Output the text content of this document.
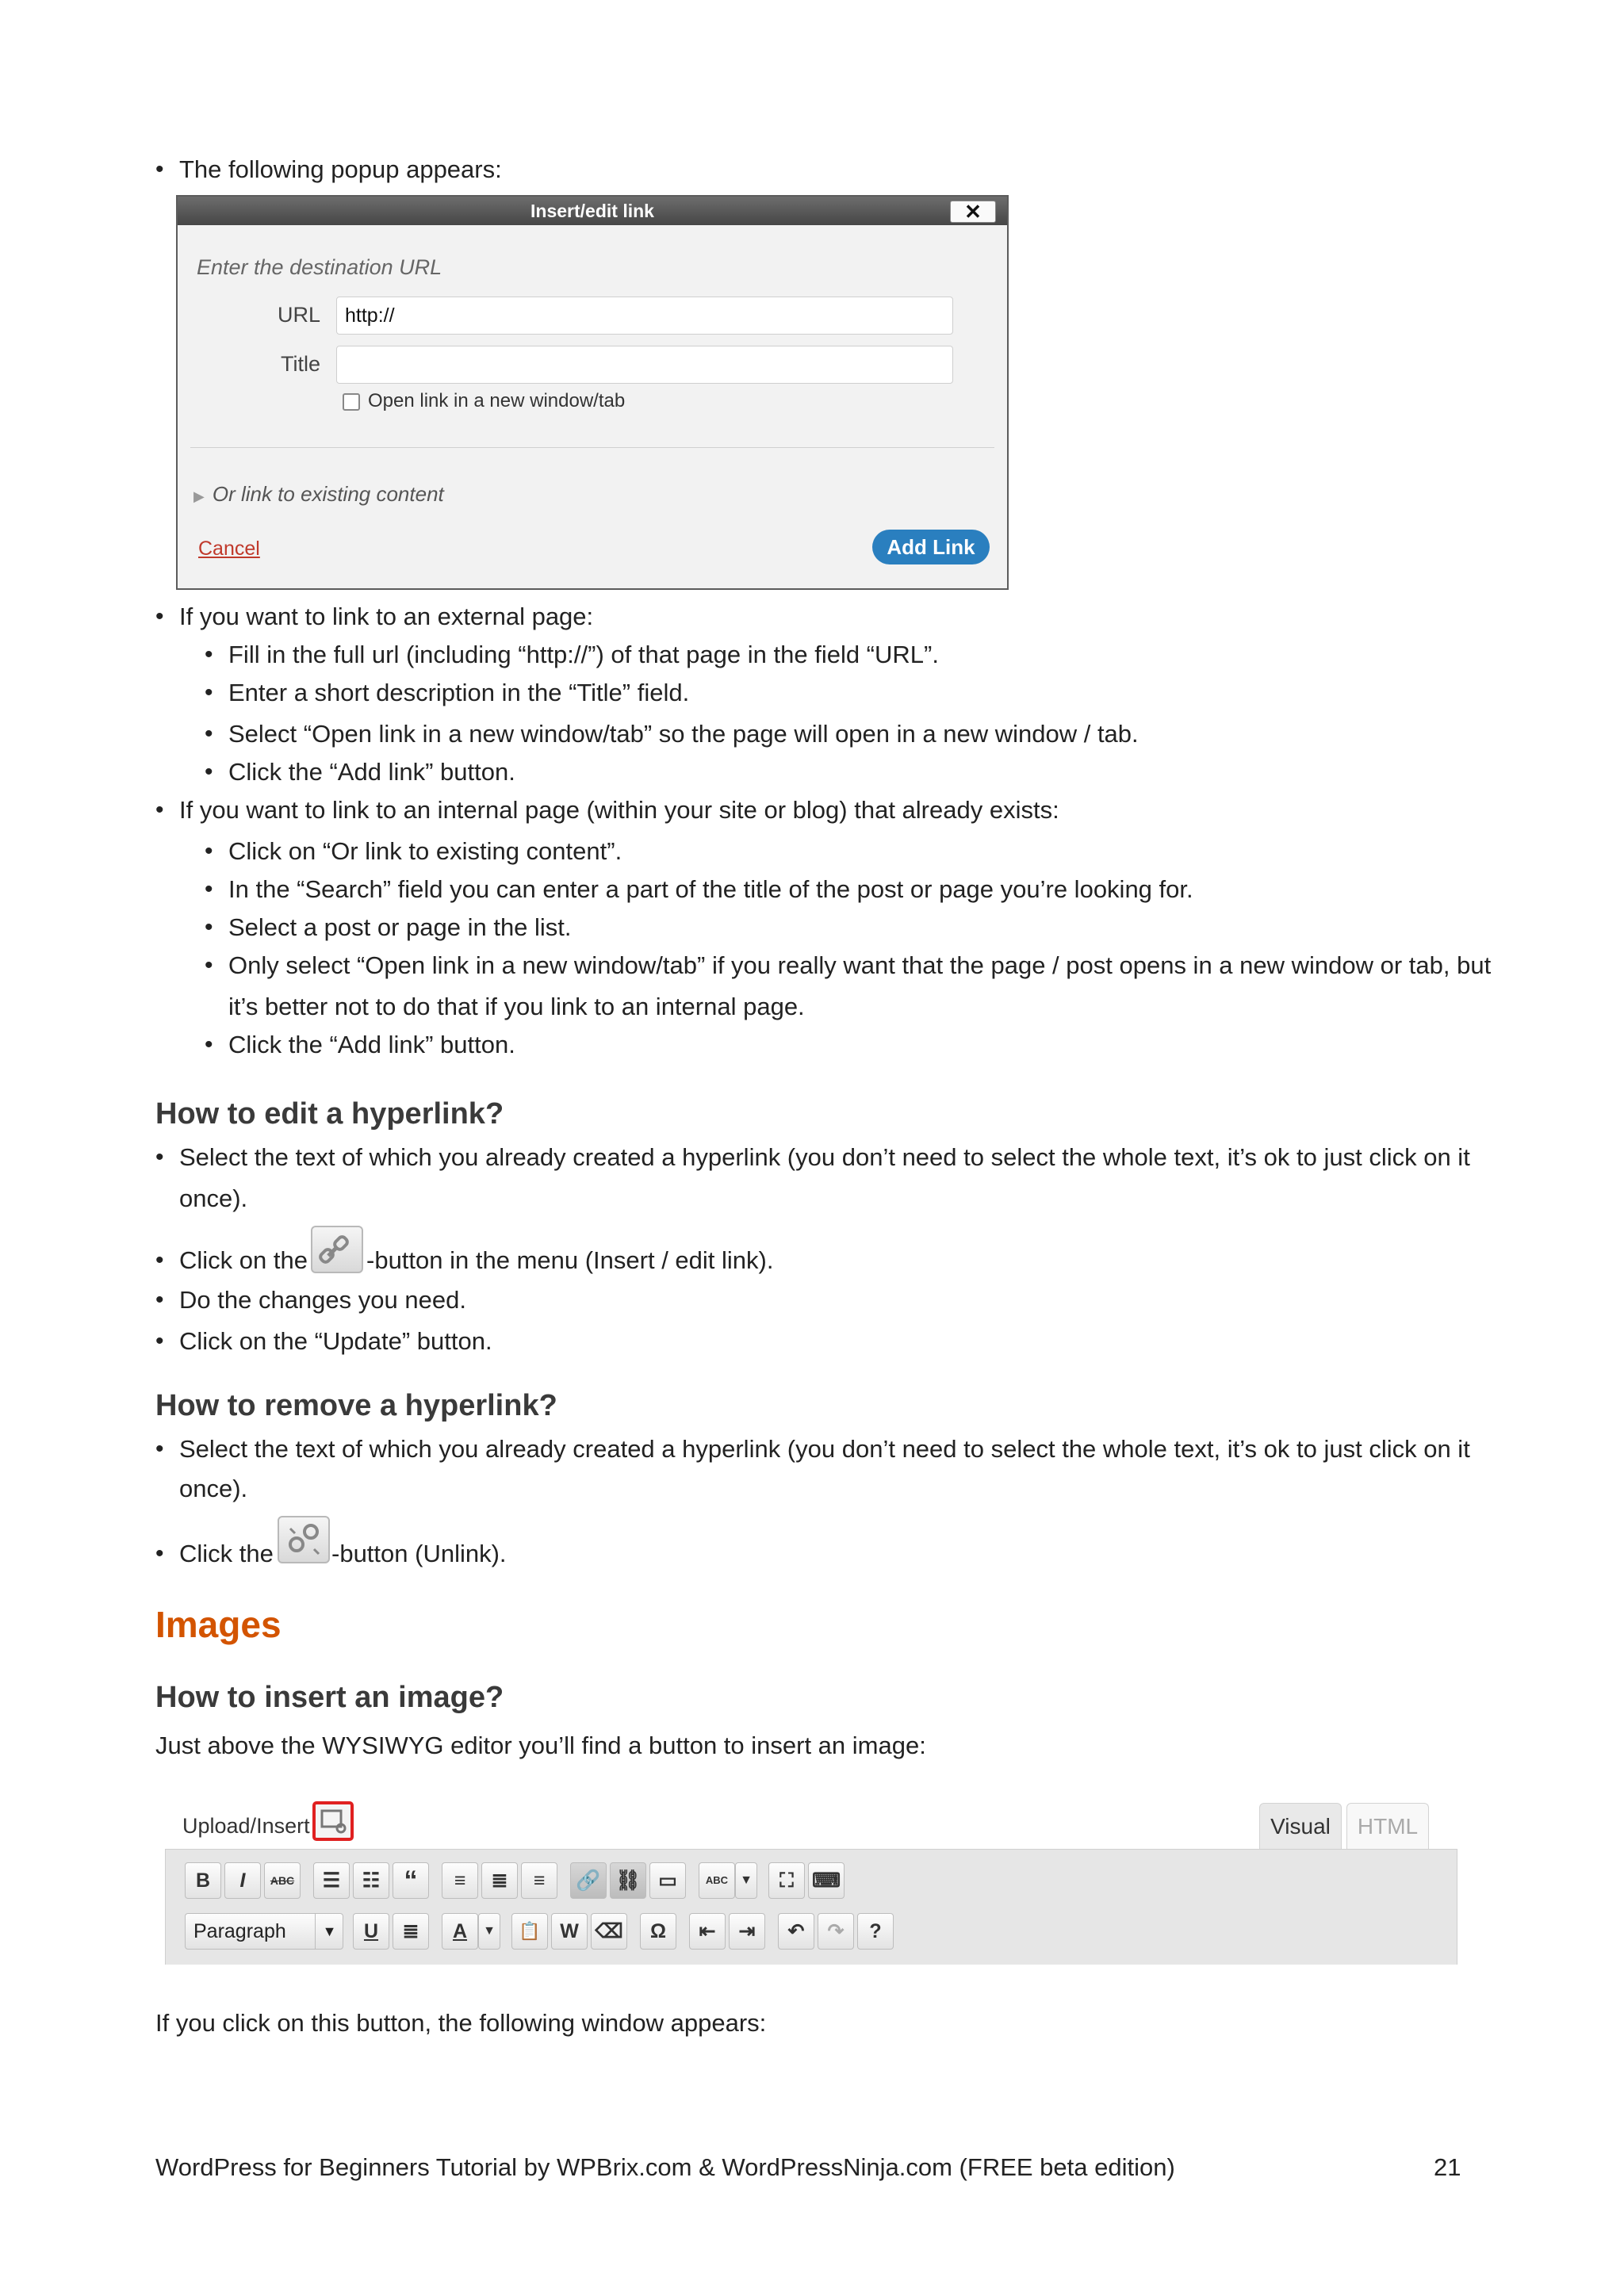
• The following popup appears:
Insert/edit link	✕
Enter the destination URL
URL	http://
Title
Open link in a new window/tab
▶ Or link to existing content
Cancel	Add Link
• If you want to link to an external page:
• Fill in the full url (including “http://”) of that page in the field “URL”.
• Enter a short description in the “Title” field.
• Select “Open link in a new window/tab” so the page will open in a new window / tab.
• Click the “Add link” button.
• If you want to link to an internal page (within your site or blog) that already exists:
• Click on “Or link to existing content”.
• In the “Search” field you can enter a part of the title of the post or page you’re looking for.
• Select a post or page in the list.
• Only select “Open link in a new window/tab” if you really want that the page / post opens in a new window or tab, but
it’s better not to do that if you link to an internal page.
• Click the “Add link” button.
How to edit a hyperlink?
• Select the text of which you already created a hyperlink (you don’t need to select the whole text, it’s ok to just click on it
once).
• Click on the -button in the menu (Insert / edit link).
• Do the changes you need.
• Click on the “Update” button.
How to remove a hyperlink?
• Select the text of which you already created a hyperlink (you don’t need to select the whole text, it’s ok to just click on it
once).
• Click the -button (Unlink).
Images
How to insert an image?
Just above the WYSIWYG editor you’ll find a button to insert an image:
Upload/Insert	Visual	HTML
B	I	ABC	☰	☷ “	≡	≣	≡	🔗 ⛓ ▭	ABC ▼	⛶ ⌨
Paragraph	▼	U	≣	A	▼	📋 W ⌫	Ω	⇤	⇥	↶	↷	?
If you click on this button, the following window appears:
WordPress for Beginners Tutorial by WPBrix.com & WordPressNinja.com (FREE beta edition)	21
